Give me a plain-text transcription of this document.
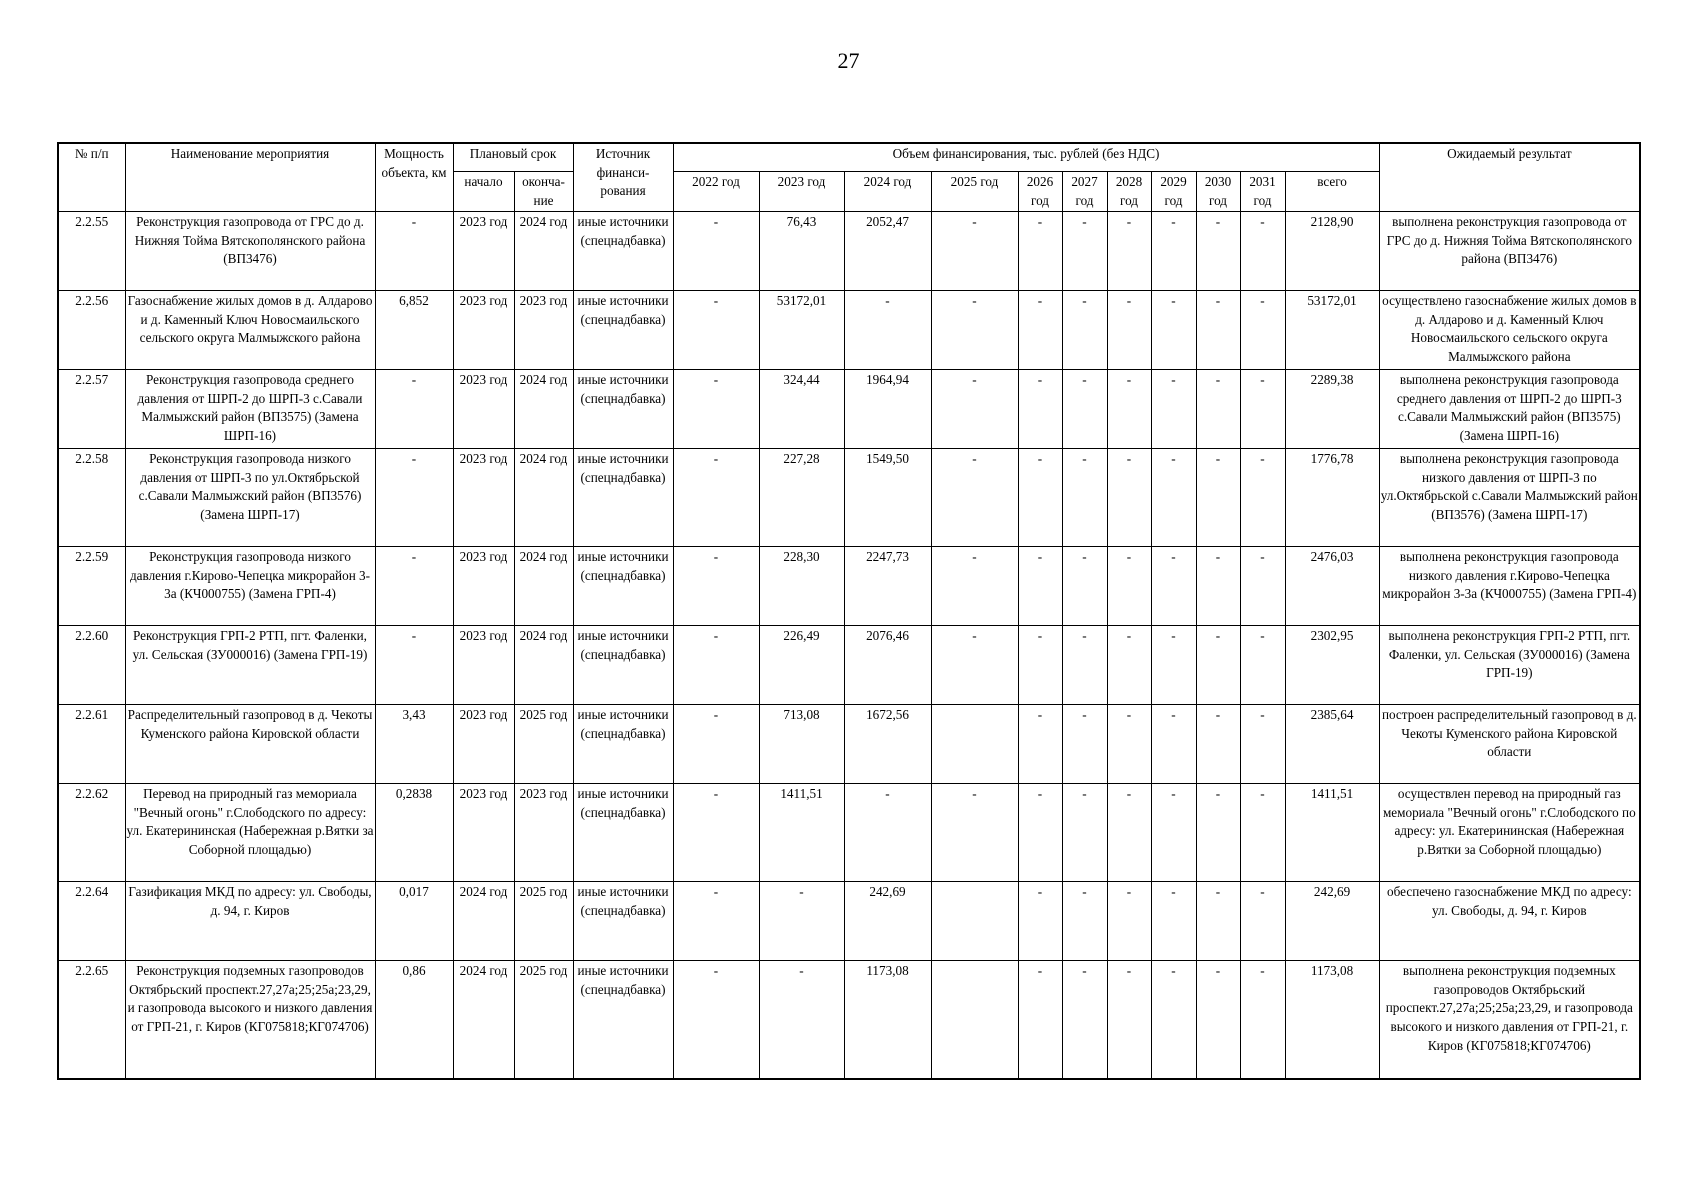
27
№ п/п	Наименование мероприятия	Мощность объекта, км	Плановый срок		Источник финанси-рования	Объем финансирования, тыс. рублей (без НДС)											Ожидаемый результат
			начало	оконча-ние		2022 год	2023 год	2024 год	2025 год	2026 год	2027 год	2028 год	2029 год	2030 год	2031 год	всего	
2.2.55	Реконструкция газопровода от ГРС до д. Нижняя Тойма Вятскополянского района (ВП3476)	-	2023 год	2024 год	иные источники (спецнадбавка)	-	76,43	2052,47	-	-	-	-	-	-	-	2128,90	выполнена реконструкция газопровода от ГРС до д. Нижняя Тойма Вятскополянского района (ВП3476)
2.2.56	Газоснабжение жилых домов в д. Алдарово и д. Каменный Ключ Новосмаильского сельского округа Малмыжского района	6,852	2023 год	2023 год	иные источники (спецнадбавка)	-	53172,01	-	-	-	-	-	-	-	-	53172,01	осуществлено газоснабжение жилых домов в д. Алдарово и д. Каменный Ключ Новосмаильского сельского округа Малмыжского района
2.2.57	Реконструкция газопровода среднего давления от ШРП-2 до ШРП-3 с.Савали Малмыжский район (ВП3575) (Замена ШРП-16)	-	2023 год	2024 год	иные источники (спецнадбавка)	-	324,44	1964,94	-	-	-	-	-	-	-	2289,38	выполнена реконструкция газопровода среднего давления от ШРП-2 до ШРП-3 с.Савали Малмыжский район (ВП3575) (Замена ШРП-16)
2.2.58	Реконструкция газопровода низкого давления от ШРП-3 по ул.Октябрьской с.Савали Малмыжский район (ВП3576) (Замена ШРП-17)	-	2023 год	2024 год	иные источники (спецнадбавка)	-	227,28	1549,50	-	-	-	-	-	-	-	1776,78	выполнена реконструкция газопровода низкого давления от ШРП-3 по ул.Октябрьской с.Савали Малмыжский район (ВП3576) (Замена ШРП-17)
2.2.59	Реконструкция газопровода низкого давления г.Кирово-Чепецка микрорайон 3-3а (КЧ000755) (Замена ГРП-4)	-	2023 год	2024 год	иные источники (спецнадбавка)	-	228,30	2247,73	-	-	-	-	-	-	-	2476,03	выполнена реконструкция газопровода низкого давления г.Кирово-Чепецка микрорайон 3-3а (КЧ000755) (Замена ГРП-4)
2.2.60	Реконструкция ГРП-2 РТП, пгт. Фаленки, ул. Сельская (ЗУ000016) (Замена ГРП-19)	-	2023 год	2024 год	иные источники (спецнадбавка)	-	226,49	2076,46	-	-	-	-	-	-	-	2302,95	выполнена реконструкция ГРП-2 РТП, пгт. Фаленки, ул. Сельская (ЗУ000016) (Замена ГРП-19)
2.2.61	Распределительный газопровод в д. Чекоты Куменского района Кировской области	3,43	2023 год	2025 год	иные источники (спецнадбавка)	-	713,08	1672,56		-	-	-	-	-	-	2385,64	построен распределительный газопровод в д. Чекоты Куменского района Кировской области
2.2.62	Перевод на природный газ мемориала "Вечный огонь" г.Слободского по адресу: ул. Екатерининская (Набережная р.Вятки за Соборной площадью)	0,2838	2023 год	2023 год	иные источники (спецнадбавка)	-	1411,51	-	-	-	-	-	-	-	-	1411,51	осуществлен перевод на природный газ мемориала "Вечный огонь" г.Слободского по адресу: ул. Екатерининская (Набережная р.Вятки за Соборной площадью)
2.2.64	Газификация МКД по адресу: ул. Свободы, д. 94, г. Киров	0,017	2024 год	2025 год	иные источники (спецнадбавка)	-	-	242,69		-	-	-	-	-	-	242,69	обеспечено газоснабжение МКД по адресу: ул. Свободы, д. 94, г. Киров
2.2.65	Реконструкция подземных газопроводов Октябрьский проспект.27,27а;25;25а;23,29, и газопровода высокого и низкого давления от ГРП-21, г. Киров (КГ075818;КГ074706)	0,86	2024 год	2025 год	иные источники (спецнадбавка)	-	-	1173,08		-	-	-	-	-	-	1173,08	выполнена реконструкция подземных газопроводов Октябрьский проспект.27,27а;25;25а;23,29, и газопровода высокого и низкого давления от ГРП-21, г. Киров (КГ075818;КГ074706)
